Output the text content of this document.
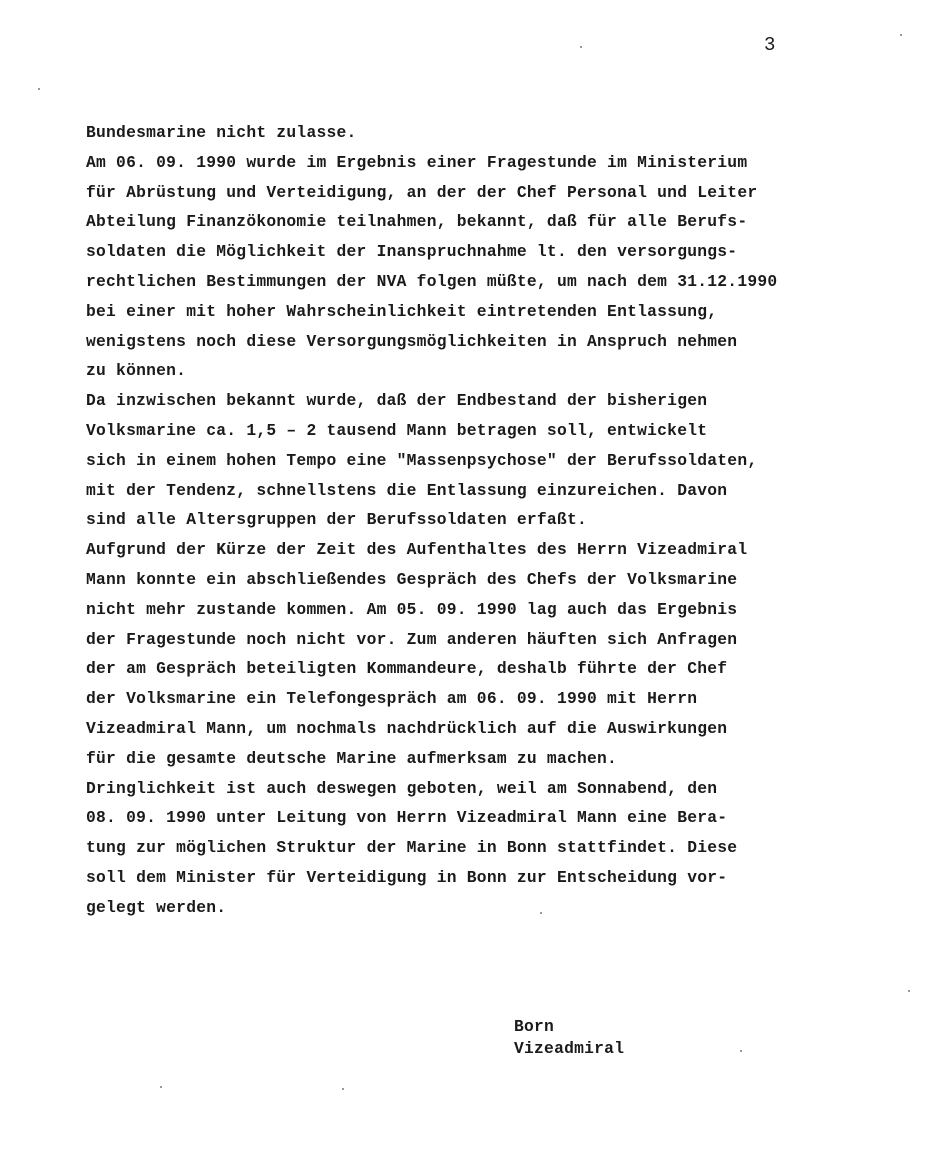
3
Bundesmarine nicht zulasse.
Am 06. 09. 1990 wurde im Ergebnis einer Fragestunde im Ministerium
für Abrüstung und Verteidigung, an der der Chef Personal und Leiter
Abteilung Finanzökonomie teilnahmen, bekannt, daß für alle Berufs-
soldaten die Möglichkeit der Inanspruchnahme lt. den versorgungs-
rechtlichen Bestimmungen der NVA folgen müßte, um nach dem 31.12.1990
bei einer mit hoher Wahrscheinlichkeit eintretenden Entlassung,
wenigstens noch diese Versorgungsmöglichkeiten in Anspruch nehmen
zu können.
Da inzwischen bekannt wurde, daß der Endbestand der bisherigen
Volksmarine ca. 1,5 – 2 tausend Mann betragen soll, entwickelt
sich in einem hohen Tempo eine "Massenpsychose" der Berufssoldaten,
mit der Tendenz, schnellstens die Entlassung einzureichen. Davon
sind alle Altersgruppen der Berufssoldaten erfaßt.
Aufgrund der Kürze der Zeit des Aufenthaltes des Herrn Vizeadmiral
Mann konnte ein abschließendes Gespräch des Chefs der Volksmarine
nicht mehr zustande kommen. Am 05. 09. 1990 lag auch das Ergebnis
der Fragestunde noch nicht vor. Zum anderen häuften sich Anfragen
der am Gespräch beteiligten Kommandeure, deshalb führte der Chef
der Volksmarine ein Telefongespräch am 06. 09. 1990 mit Herrn
Vizeadmiral Mann, um nochmals nachdrücklich auf die Auswirkungen
für die gesamte deutsche Marine aufmerksam zu machen.
Dringlichkeit ist auch deswegen geboten, weil am Sonnabend, den
08. 09. 1990 unter Leitung von Herrn Vizeadmiral Mann eine Bera-
tung zur möglichen Struktur der Marine in Bonn stattfindet. Diese
soll dem Minister für Verteidigung in Bonn zur Entscheidung vor-
gelegt werden.
Born
Vizeadmiral
